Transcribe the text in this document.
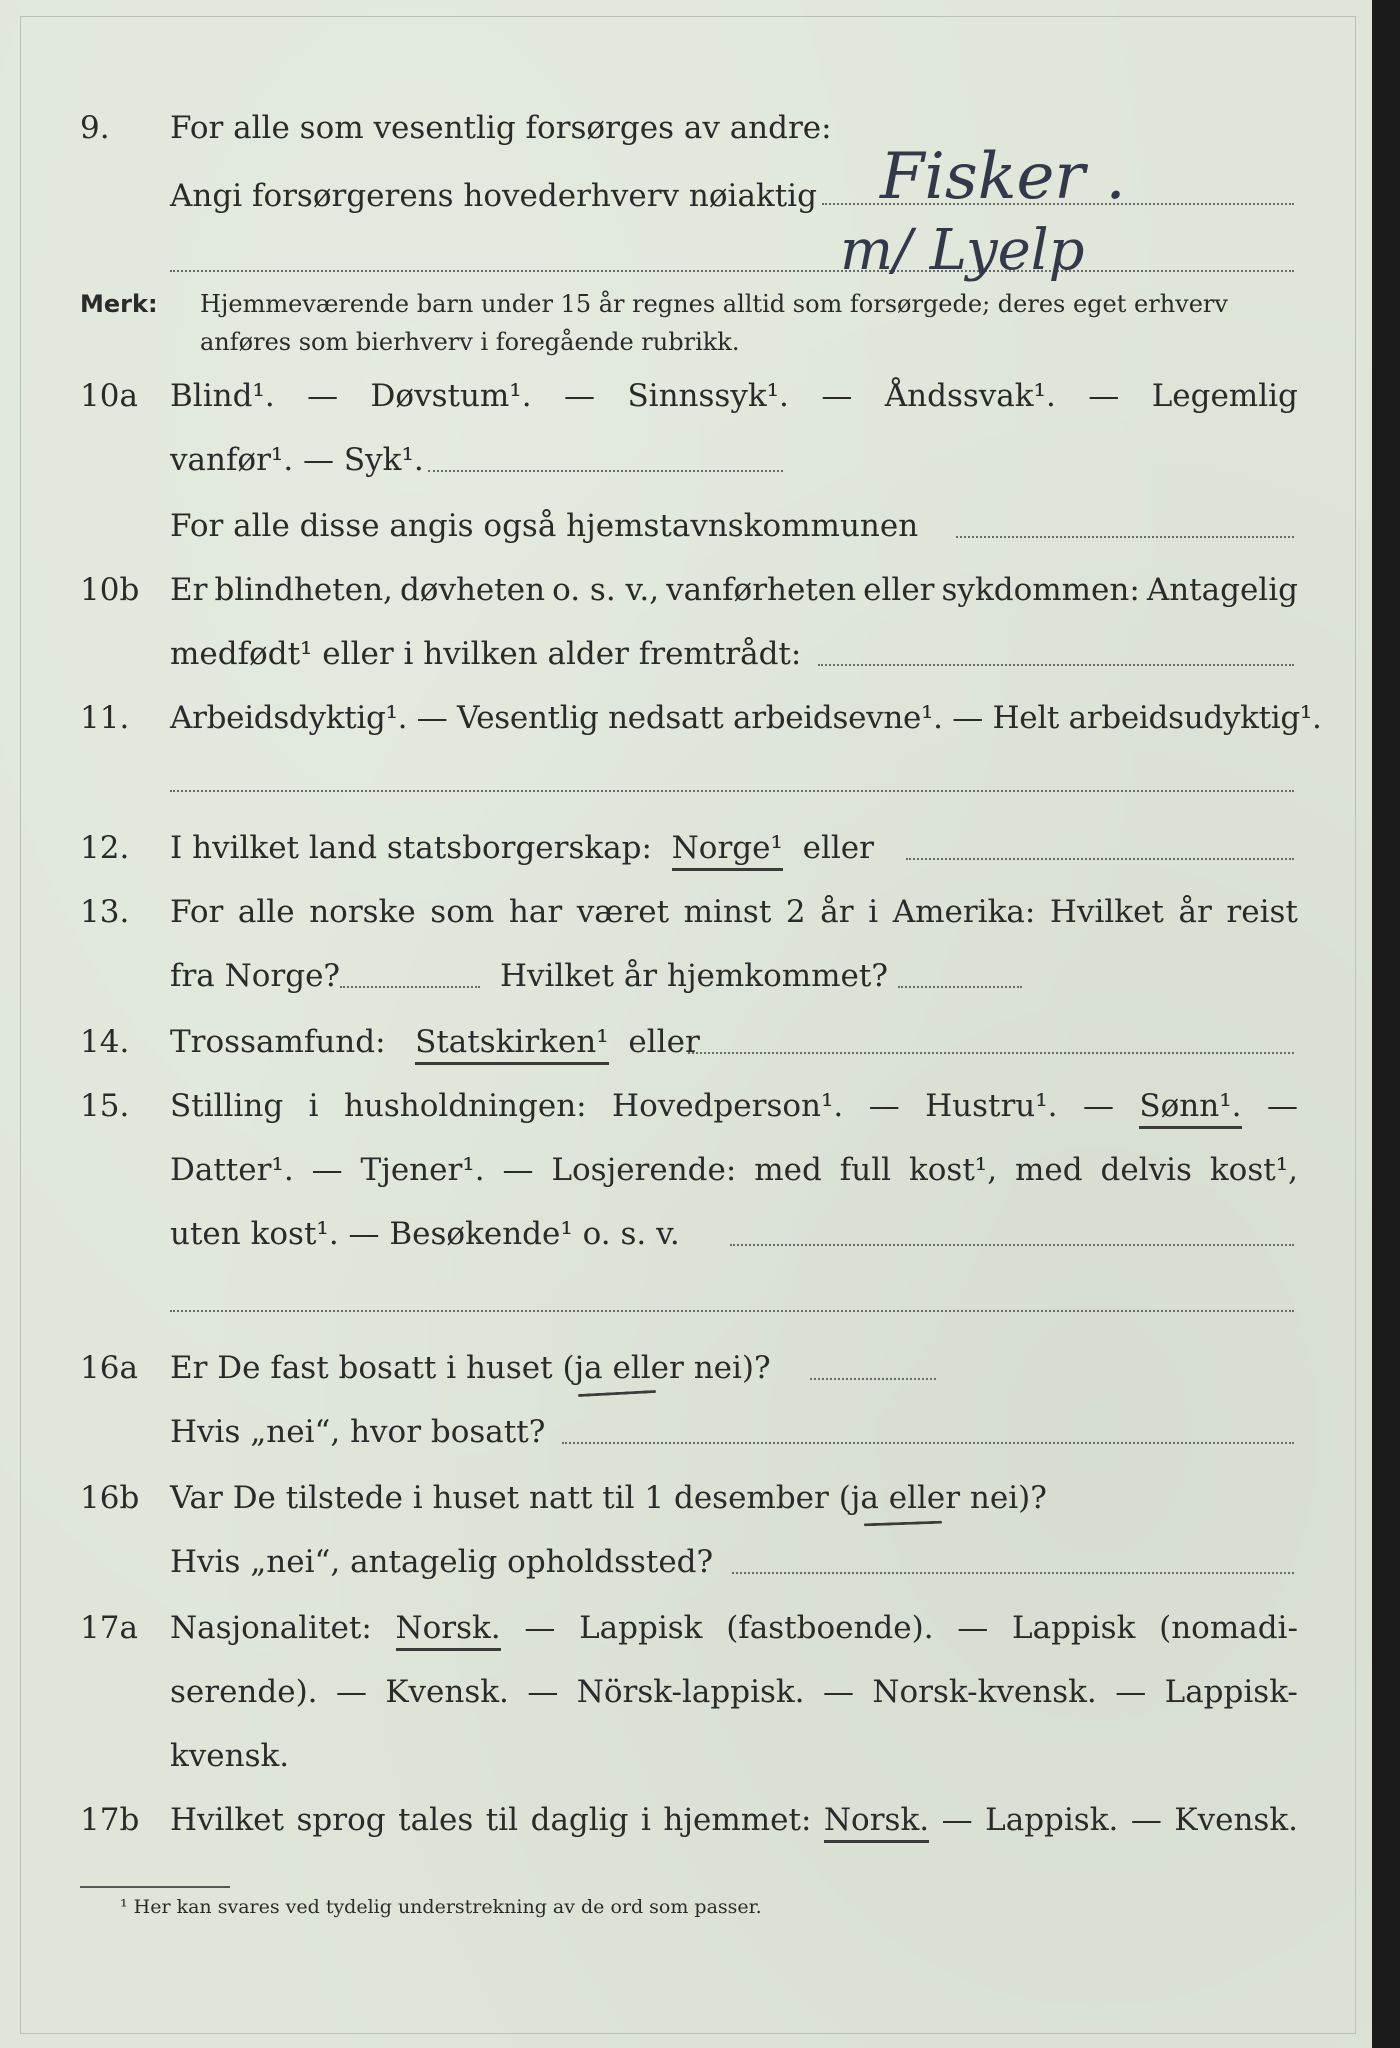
9. For alle som vesentlig forsørges av andre:
Angi forsørgerens hovederhverv nøiaktig Fisker .
m/ Lyelp
Merk: Hjemmeværende barn under 15 år regnes alltid som forsørgede; deres eget erhverv
anføres som bierhverv i foregående rubrikk.
10a Blind¹. — Døvstum¹. — Sinnssyk¹. — Åndssvak¹. — Legemlig
vanfør¹. — Syk¹.
For alle disse angis også hjemstavnskommunen
10b Er blindheten, døvheten o. s. v., vanførheten eller sykdommen: Antagelig
medfødt¹ eller i hvilken alder fremtrådt:
11. Arbeidsdyktig¹. — Vesentlig nedsatt arbeidsevne¹. — Helt arbeidsudyktig¹.
12. I hvilket land statsborgerskap: Norge¹ eller
13. For alle norske som har været minst 2 år i Amerika: Hvilket år reist
fra Norge?	Hvilket år hjemkommet?
14. Trossamfund: Statskirken¹ eller
15. Stilling i husholdningen: Hovedperson¹. — Hustru¹. — Sønn¹. —
Datter¹. — Tjener¹. — Losjerende: med full kost¹, med delvis kost¹,
uten kost¹. — Besøkende¹ o. s. v.
16a Er De fast bosatt i huset (ja eller nei)?
Hvis „nei“, hvor bosatt?
16b Var De tilstede i huset natt til 1 desember (ja eller nei)?
Hvis „nei“, antagelig opholdssted?
17a Nasjonalitet: Norsk. — Lappisk (fastboende). — Lappisk (nomadi-
serende). — Kvensk. — Nörsk-lappisk. — Norsk-kvensk. — Lappisk-
kvensk.
17b Hvilket sprog tales til daglig i hjemmet: Norsk. — Lappisk. — Kvensk.
¹ Her kan svares ved tydelig understrekning av de ord som passer.
